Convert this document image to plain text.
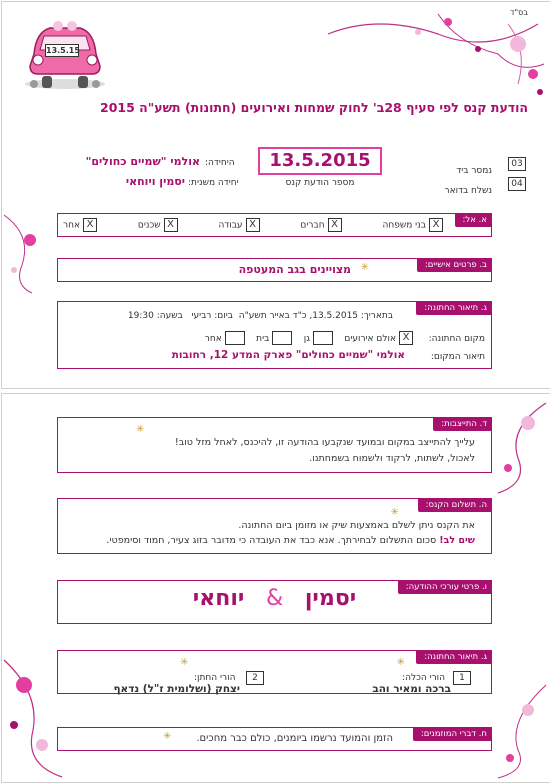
בס"ד
13.5.15
הודעת קנס לפי סעיף 28ב' לחוק שמחות ואירועים (חתונות) תשע"ה 2015
13.5.2015
מספר הודעת קנס
נמסר ביד
03
נשלח בדואר
04
היחידה:
אולמי "שמיים כחולים"
יחידה משנית:
יסמין ויוחאי
א. אל:
Xבני משפחה
Xחברים
Xעבודה
Xשכנים
Xאחר
ב. פרטים אישיים:
✳
מצויינים בגב המעטפה
ג. תיאור החתונה:
בתאריך: 13.5.2015, כ"ד באייר תשע"ה  ביום: רביעי   בשעה: 19:30
מקום החתונה:
Xאולם אירועים    גן    בית    אחר
תיאור המקום:
אולמי "שמיים כחולים" פארק המדע 12, רחובות
ד. התייצבות:
✳
עלייך להתייצב במקום ובמועד שנקבעו בהודעה זו, להיכנס, לאחל מזל טוב!
לאכול, לשתות, לרקוד ולשמוח בשמחתנו.
ה. תשלום הקנס:
✳
את הקנס ניתן לשלם באמצעות שיק או מזומן ביום החתונה.
שים לב! סכום התשלום לבחירתך. אנא כבד את העובדה כי מדובר בזוג צעיר, חמוד וסימפטי.
ו. פרטי עורכי ההודעה:
יסמין & יוחאי
ג. תיאור החתונה:
✳
✳
1
הורי הכלה:
ברכה ומאיר והב
2
הורי החתן:
יצחק (ושלומית ז"ל) נדאף
ח. דברי המוזמנים:
הזמן והמועד נרשמו ביומנים, כולם כבר מחכים.
✳
